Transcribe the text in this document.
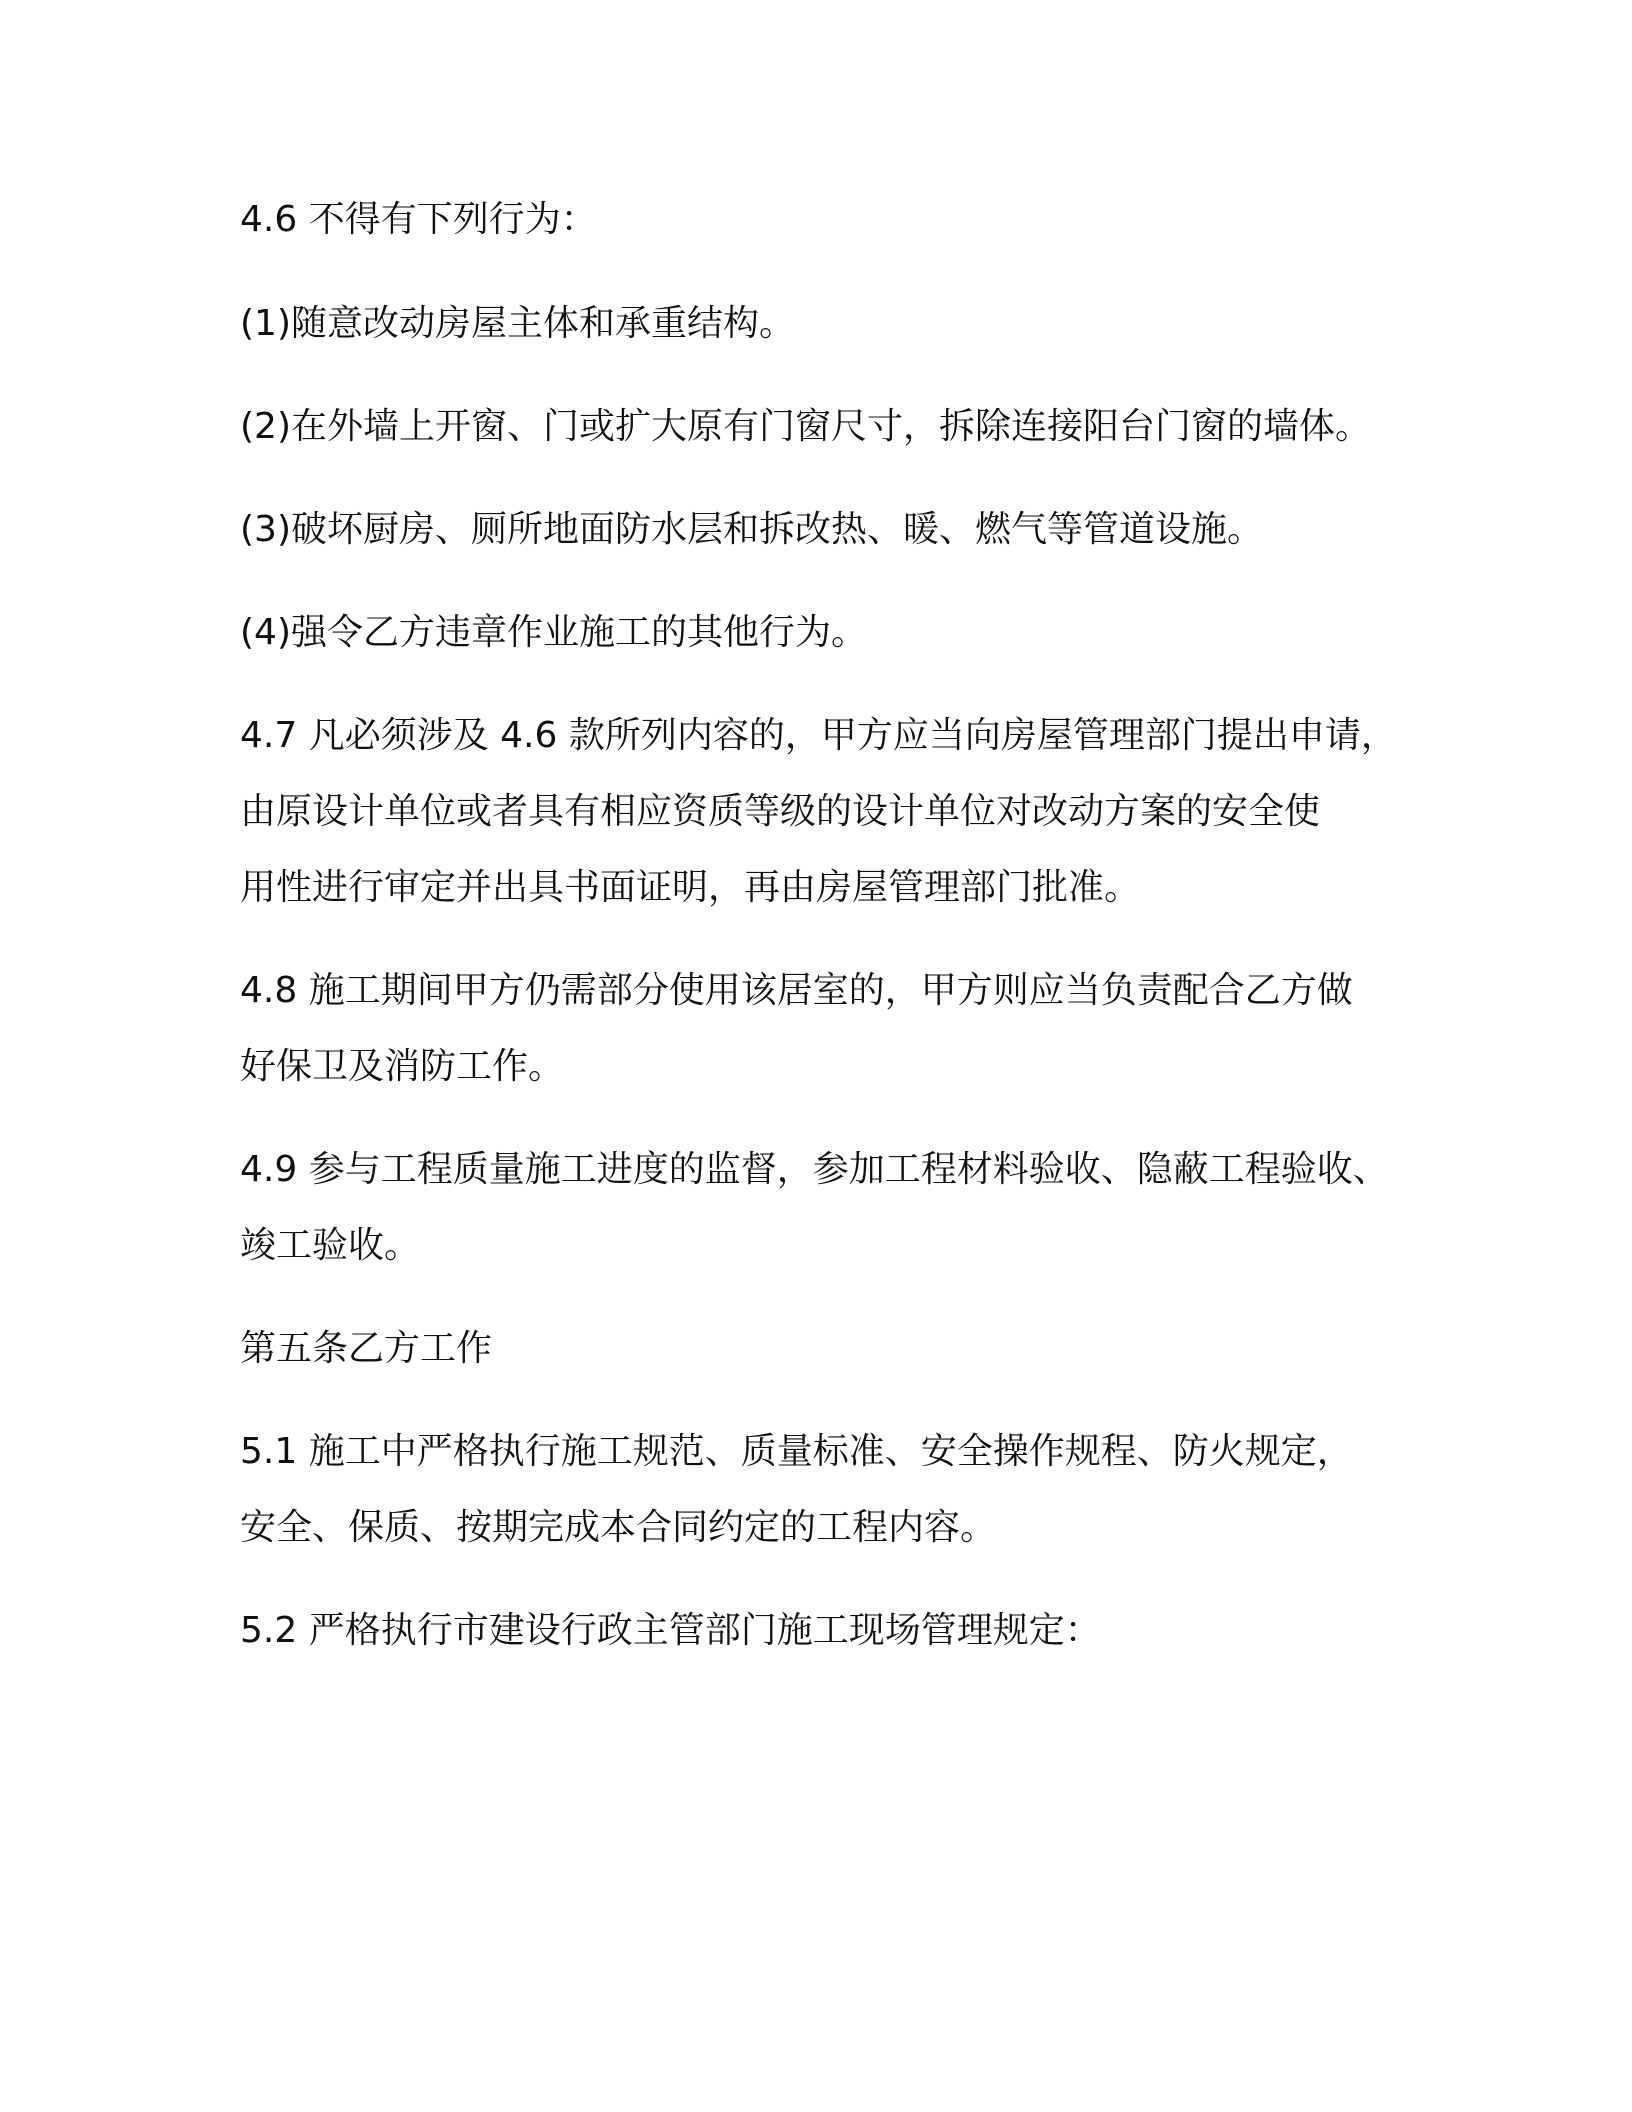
4.6 不得有下列行为：
(1)随意改动房屋主体和承重结构。
(2)在外墙上开窗、门或扩大原有门窗尺寸，拆除连接阳台门窗的墙体。
(3)破坏厨房、厕所地面防水层和拆改热、暖、燃气等管道设施。
(4)强令乙方违章作业施工的其他行为。
4.7 凡必须涉及 4.6 款所列内容的，甲方应当向房屋管理部门提出申请，
由原设计单位或者具有相应资质等级的设计单位对改动方案的安全使
用性进行审定并出具书面证明，再由房屋管理部门批准。
4.8 施工期间甲方仍需部分使用该居室的，甲方则应当负责配合乙方做
好保卫及消防工作。
4.9 参与工程质量施工进度的监督，参加工程材料验收、隐蔽工程验收、
竣工验收。
第五条乙方工作
5.1 施工中严格执行施工规范、质量标准、安全操作规程、防火规定，
安全、保质、按期完成本合同约定的工程内容。
5.2 严格执行市建设行政主管部门施工现场管理规定：
